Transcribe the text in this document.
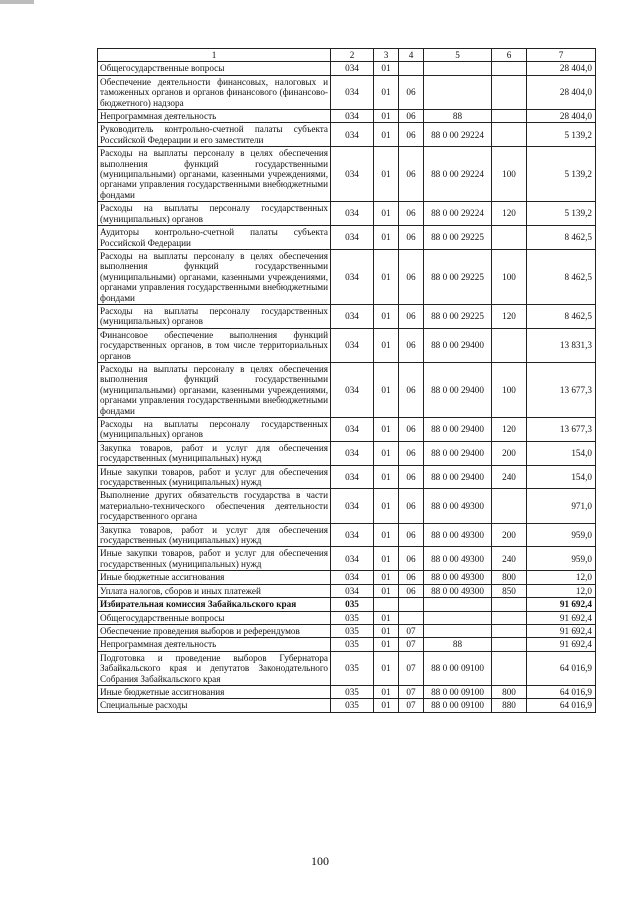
1	2	3	4	5	6	7
Общегосударственные вопросы	034	01				28 404,0
Обеспечение деятельности финансовых, налоговых и таможенных органов и органов финансового (финансово-бюджетного) надзора	034	01	06			28 404,0
Непрограммная деятельность	034	01	06	88		28 404,0
Руководитель контрольно-счетной палаты субъекта Российской Федерации и его заместители	034	01	06	88 0 00 29224		5 139,2
Расходы на выплаты персоналу в целях обеспечения выполнения функций государственными (муниципальными) органами, казенными учреждениями, органами управления государственными внебюджетными фондами	034	01	06	88 0 00 29224	100	5 139,2
Расходы на выплаты персоналу государственных (муниципальных) органов	034	01	06	88 0 00 29224	120	5 139,2
Аудиторы контрольно-счетной палаты субъекта Российской Федерации	034	01	06	88 0 00 29225		8 462,5
Расходы на выплаты персоналу в целях обеспечения выполнения функций государственными (муниципальными) органами, казенными учреждениями, органами управления государственными внебюджетными фондами	034	01	06	88 0 00 29225	100	8 462,5
Расходы на выплаты персоналу государственных (муниципальных) органов	034	01	06	88 0 00 29225	120	8 462,5
Финансовое обеспечение выполнения функций государственных органов, в том числе территориальных органов	034	01	06	88 0 00 29400		13 831,3
Расходы на выплаты персоналу в целях обеспечения выполнения функций государственными (муниципальными) органами, казенными учреждениями, органами управления государственными внебюджетными фондами	034	01	06	88 0 00 29400	100	13 677,3
Расходы на выплаты персоналу государственных (муниципальных) органов	034	01	06	88 0 00 29400	120	13 677,3
Закупка товаров, работ и услуг для обеспечения государственных (муниципальных) нужд	034	01	06	88 0 00 29400	200	154,0
Иные закупки товаров, работ и услуг для обеспечения государственных (муниципальных) нужд	034	01	06	88 0 00 29400	240	154,0
Выполнение других обязательств государства в части материально-технического обеспечения деятельности государственного органа	034	01	06	88 0 00 49300		971,0
Закупка товаров, работ и услуг для обеспечения государственных (муниципальных) нужд	034	01	06	88 0 00 49300	200	959,0
Иные закупки товаров, работ и услуг для обеспечения государственных (муниципальных) нужд	034	01	06	88 0 00 49300	240	959,0
Иные бюджетные ассигнования	034	01	06	88 0 00 49300	800	12,0
Уплата налогов, сборов и иных платежей	034	01	06	88 0 00 49300	850	12,0
Избирательная комиссия Забайкальского края	035					91 692,4
Общегосударственные вопросы	035	01				91 692,4
Обеспечение проведения выборов и референдумов	035	01	07			91 692,4
Непрограммная деятельность	035	01	07	88		91 692,4
Подготовка и проведение выборов Губернатора Забайкальского края и депутатов Законодательного Собрания Забайкальского края	035	01	07	88 0 00 09100		64 016,9
Иные бюджетные ассигнования	035	01	07	88 0 00 09100	800	64 016,9
Специальные расходы	035	01	07	88 0 00 09100	880	64 016,9
100
